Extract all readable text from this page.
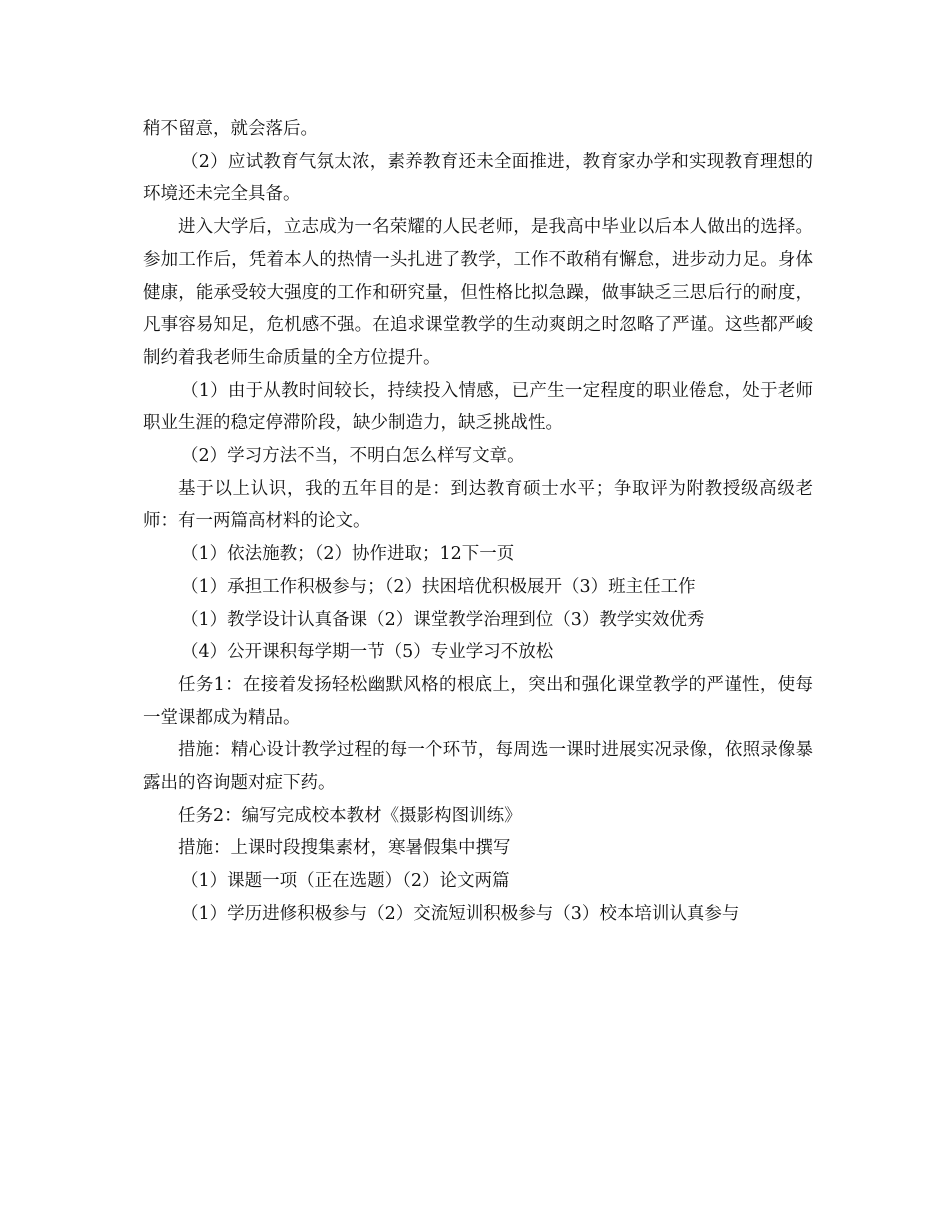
稍不留意，就会落后。

（2）应试教育气氛太浓，素养教育还未全面推进，教育家办学和实现教育理想的环境还未完全具备。

进入大学后，立志成为一名荣耀的人民老师，是我高中毕业以后本人做出的选择。参加工作后，凭着本人的热情一头扎进了教学，工作不敢稍有懈怠，进步动力足。身体健康，能承受较大强度的工作和研究量，但性格比拟急躁，做事缺乏三思后行的耐度，凡事容易知足，危机感不强。在追求课堂教学的生动爽朗之时忽略了严谨。这些都严峻制约着我老师生命质量的全方位提升。

（1）由于从教时间较长，持续投入情感，已产生一定程度的职业倦怠，处于老师职业生涯的稳定停滞阶段，缺少制造力，缺乏挑战性。

（2）学习方法不当，不明白怎么样写文章。

基于以上认识，我的五年目的是：到达教育硕士水平；争取评为附教授级高级老师：有一两篇高材料的论文。

（1）依法施教；（2）协作进取；12下一页

（1）承担工作积极参与；（2）扶困培优积极展开（3）班主任工作

（1）教学设计认真备课（2）课堂教学治理到位（3）教学实效优秀

（4）公开课积每学期一节（5）专业学习不放松

任务1：在接着发扬轻松幽默风格的根底上，突出和强化课堂教学的严谨性，使每一堂课都成为精品。

措施：精心设计教学过程的每一个环节，每周选一课时进展实况录像，依照录像暴露出的咨询题对症下药。

任务2：编写完成校本教材《摄影构图训练》

措施：上课时段搜集素材，寒暑假集中撰写

（1）课题一项（正在选题）（2）论文两篇

（1）学历进修积极参与（2）交流短训积极参与（3）校本培训认真参与
